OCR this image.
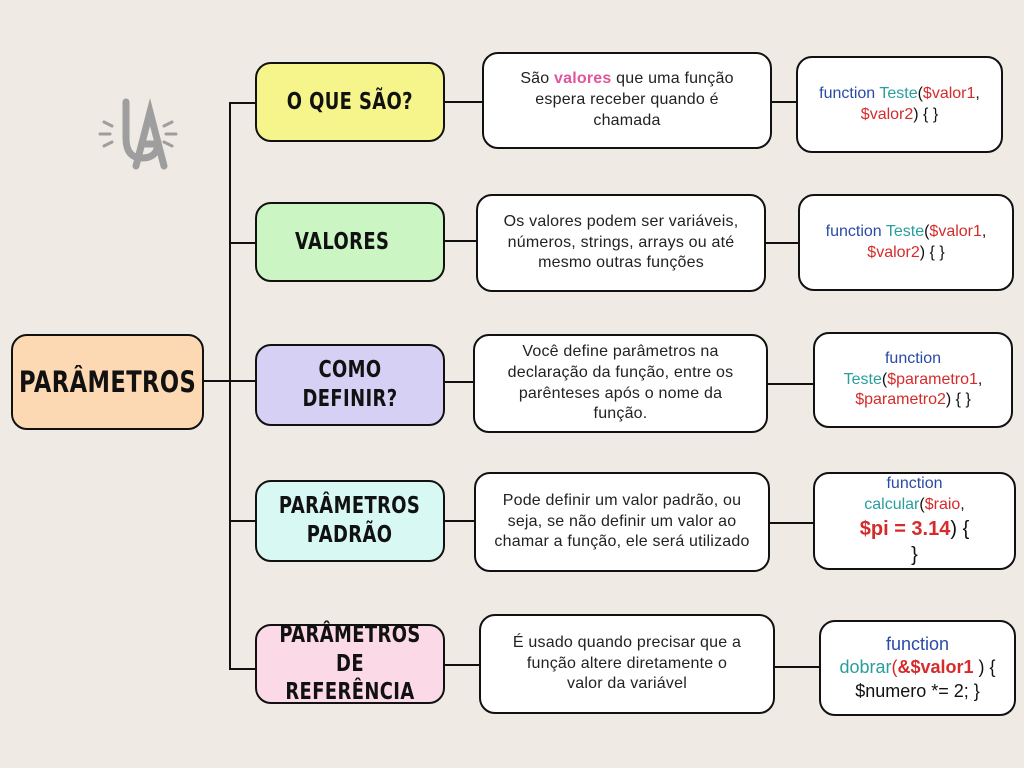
PARÂMETROS
O QUE SÃO?
São valores que uma função espera receber quando é chamada
function Teste($valor1, $valor2) { }
VALORES
Os valores podem ser variáveis, números, strings, arrays ou até mesmo outras funções
function Teste($valor1, $valor2) { }
COMO DEFINIR?
Você define parâmetros na declaração da função, entre os parênteses após o nome da função.
function
Teste($parametro1,
$parametro2) { }
PARÂMETROS
PADRÃO
Pode definir um valor padrão, ou seja, se não definir um valor ao chamar a função, ele será utilizado
function
calcular($raio,
$pi = 3.14) {
}
PARÂMETROS DE
REFERÊNCIA
É usado quando precisar que a função altere diretamente o valor da variável
function
dobrar(&$valor1 ) {
$numero *= 2; }
